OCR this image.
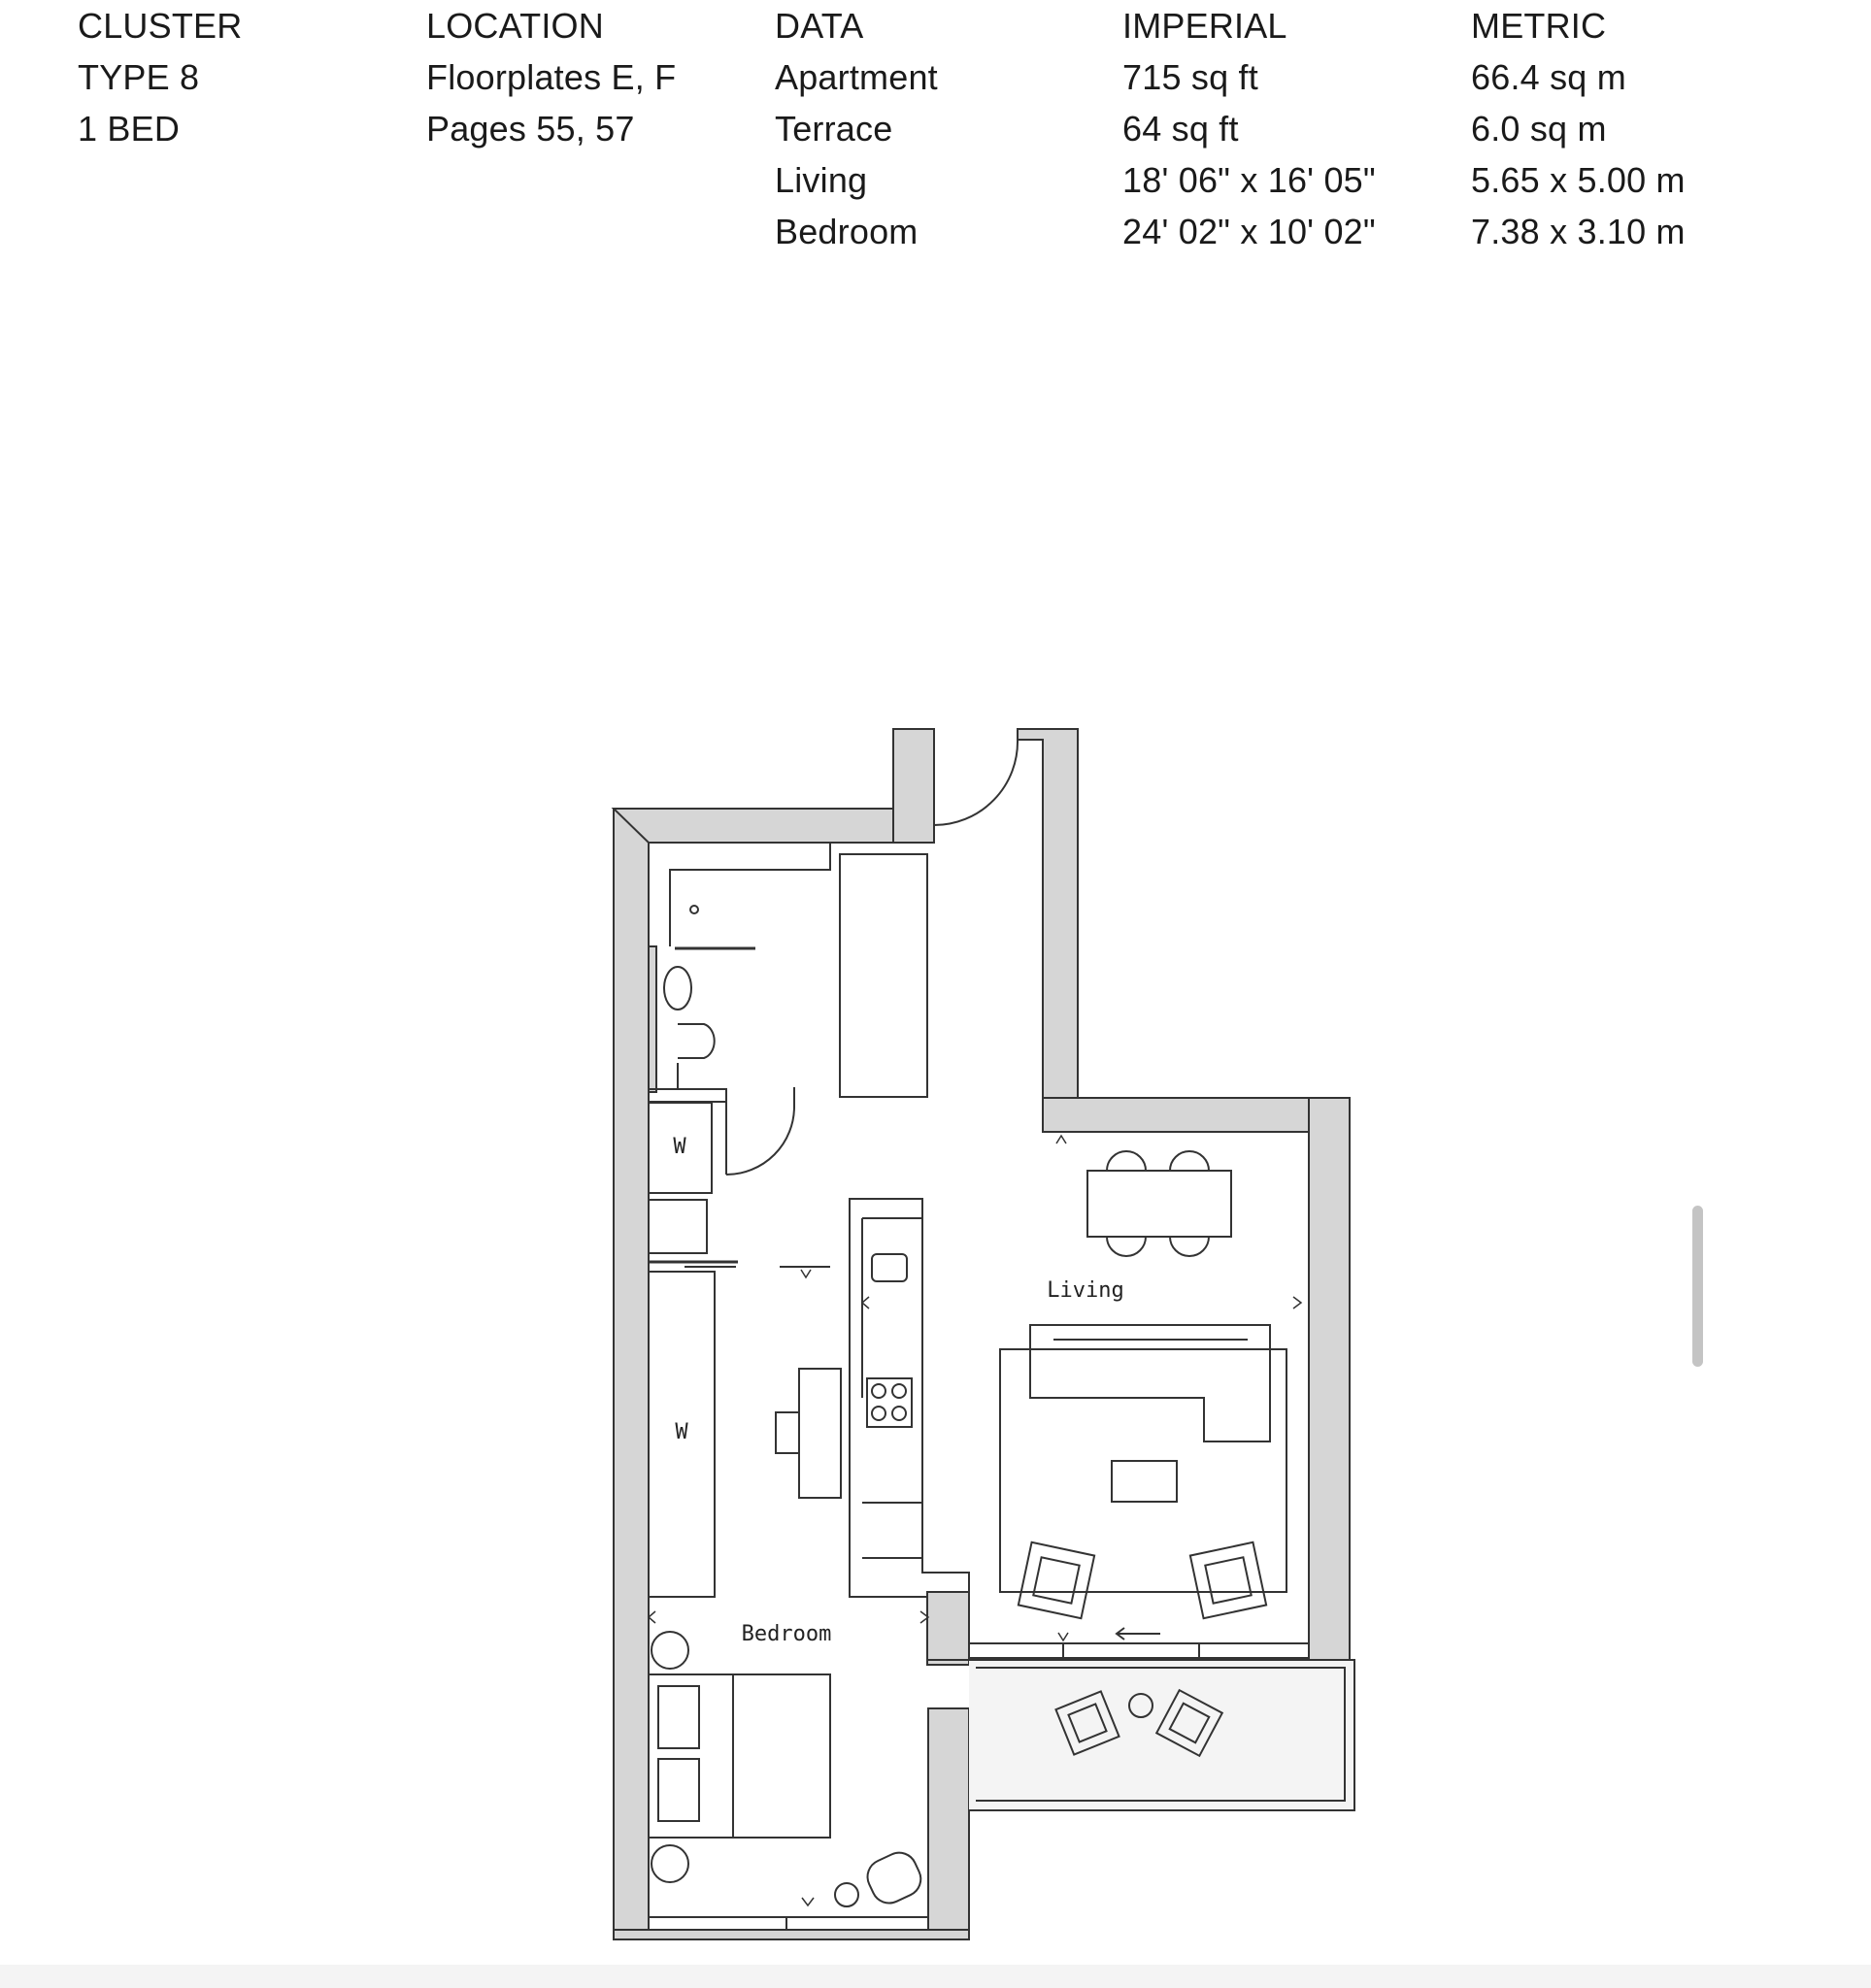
CLUSTER
TYPE 8
1 BED
LOCATION
Floorplates E, F
Pages 55, 57
DATA
Apartment
Terrace
Living
Bedroom
IMPERIAL
715 sq ft
64 sq ft
18' 06" x 16' 05"
24' 02" x 10' 02"
METRIC
66.4 sq m
6.0 sq m
5.65 x 5.00 m
7.38 x 3.10 m
W
W
Living
Bedroom
